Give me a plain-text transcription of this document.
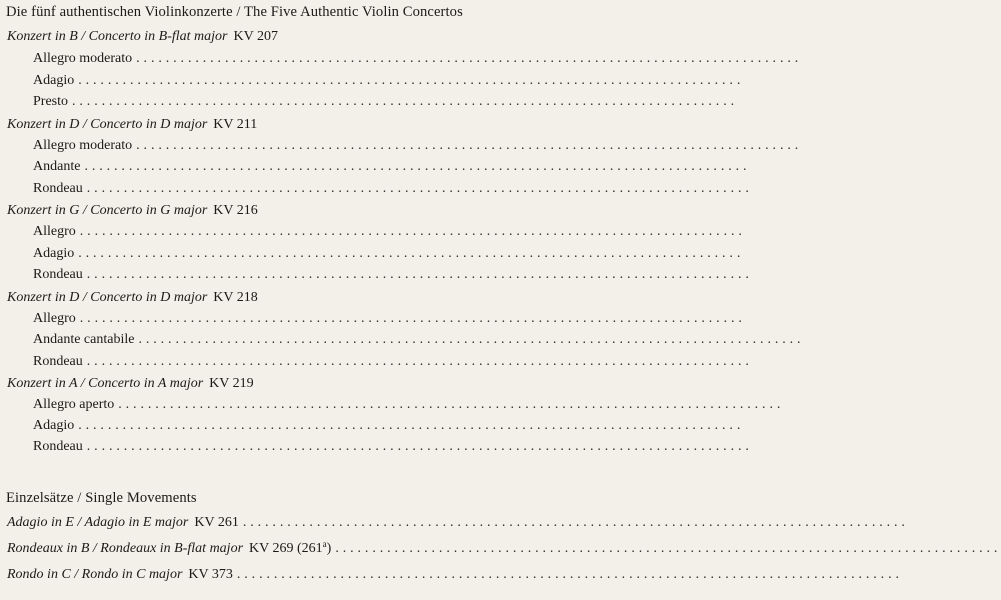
Die fünf authentischen Violinkonzerte / The Five Authentic Violin Concertos
Konzert in B / Concerto in B-flat major KV 207
Allegro moderato ..........................................................................................
Adagio ..........................................................................................
Presto ..........................................................................................
Konzert in D / Concerto in D major KV 211
Allegro moderato ..........................................................................................
Andante ..........................................................................................
Rondeau ..........................................................................................
Konzert in G / Concerto in G major KV 216
Allegro ..........................................................................................
Adagio ..........................................................................................
Rondeau ..........................................................................................
Konzert in D / Concerto in D major KV 218
Allegro ..........................................................................................
Andante cantabile ..........................................................................................
Rondeau ..........................................................................................
Konzert in A / Concerto in A major KV 219
Allegro aperto ..........................................................................................
Adagio ..........................................................................................
Rondeau ..........................................................................................
Einzelsätze / Single Movements
Adagio in E / Adagio in E major KV 261 ..........................................................................................
Rondeaux in B / Rondeaux in B-flat major KV 269 (261$^a$) ..........................................................................................
Rondo in C / Rondo in C major KV 373 ..........................................................................................
